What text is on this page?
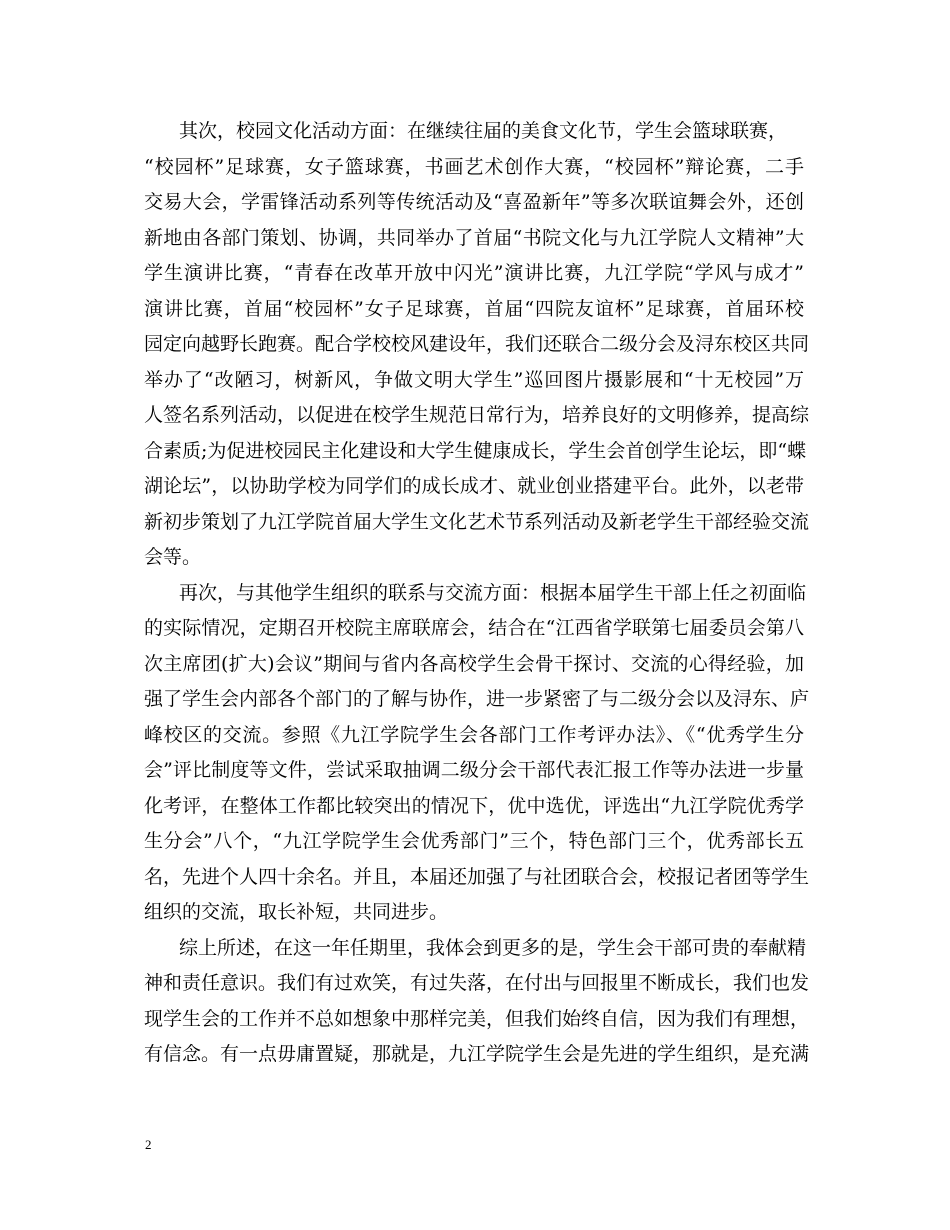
其次，校园文化活动方面：在继续往届的美食文化节，学生会篮球联赛，
“校园杯”足球赛，女子篮球赛，书画艺术创作大赛，“校园杯”辩论赛，二手
交易大会，学雷锋活动系列等传统活动及“喜盈新年”等多次联谊舞会外，还创
新地由各部门策划、协调，共同举办了首届“书院文化与九江学院人文精神”大
学生演讲比赛，“青春在改革开放中闪光”演讲比赛，九江学院“学风与成才”
演讲比赛，首届“校园杯”女子足球赛，首届“四院友谊杯”足球赛，首届环校
园定向越野长跑赛。配合学校校风建设年，我们还联合二级分会及浔东校区共同
举办了“改陋习，树新风，争做文明大学生”巡回图片摄影展和“十无校园”万
人签名系列活动，以促进在校学生规范日常行为，培养良好的文明修养，提高综
合素质;为促进校园民主化建设和大学生健康成长，学生会首创学生论坛，即“蝶
湖论坛”，以协助学校为同学们的成长成才、就业创业搭建平台。此外，以老带
新初步策划了九江学院首届大学生文化艺术节系列活动及新老学生干部经验交流
会等。
再次，与其他学生组织的联系与交流方面：根据本届学生干部上任之初面临
的实际情况，定期召开校院主席联席会，结合在“江西省学联第七届委员会第八
次主席团(扩大)会议”期间与省内各高校学生会骨干探讨、交流的心得经验，加
强了学生会内部各个部门的了解与协作，进一步紧密了与二级分会以及浔东、庐
峰校区的交流。参照《九江学院学生会各部门工作考评办法》、《“优秀学生分
会”评比制度等文件，尝试采取抽调二级分会干部代表汇报工作等办法进一步量
化考评，在整体工作都比较突出的情况下，优中选优，评选出“九江学院优秀学
生分会”八个，“九江学院学生会优秀部门”三个，特色部门三个，优秀部长五
名，先进个人四十余名。并且，本届还加强了与社团联合会，校报记者团等学生
组织的交流，取长补短，共同进步。
综上所述，在这一年任期里，我体会到更多的是，学生会干部可贵的奉献精
神和责任意识。我们有过欢笑，有过失落，在付出与回报里不断成长，我们也发
现学生会的工作并不总如想象中那样完美，但我们始终自信，因为我们有理想，
有信念。有一点毋庸置疑，那就是，九江学院学生会是先进的学生组织，是充满
2
